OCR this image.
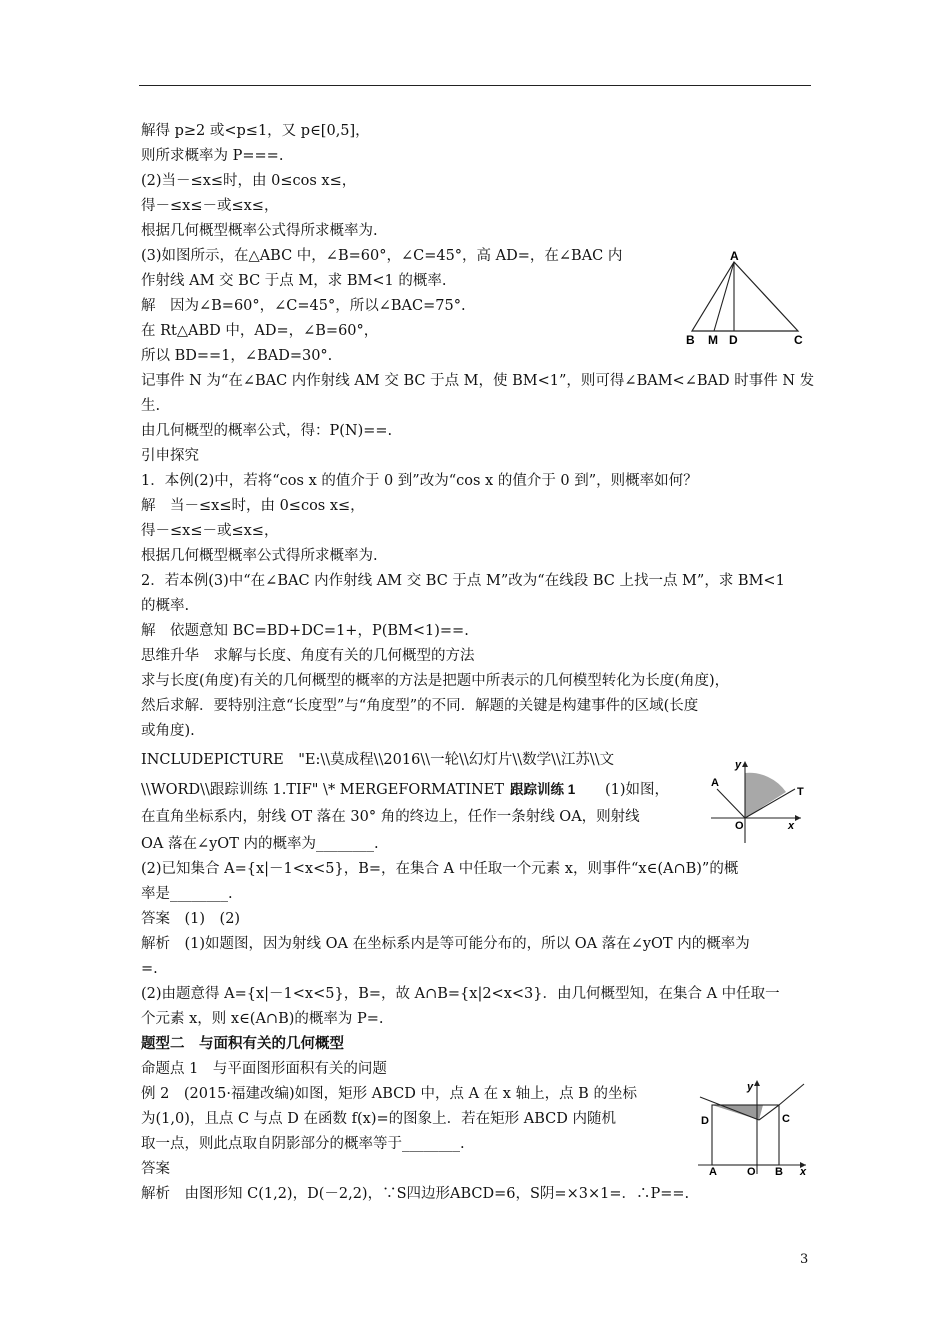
解得 p≥2 或<p≤1，又 p∈[0,5]，
则所求概率为 P===.
(2)当－≤x≤时，由 0≤cos x≤，
得－≤x≤－或≤x≤，
根据几何概型概率公式得所求概率为.
(3)如图所示，在△ABC 中，∠B=60°，∠C=45°，高 AD=，在∠BAC 内
作射线 AM 交 BC 于点 M，求 BM<1 的概率.
解　因为∠B=60°，∠C=45°，所以∠BAC=75°.
在 Rt△ABD 中，AD=，∠B=60°，
所以 BD==1，∠BAD=30°.
记事件 N 为“在∠BAC 内作射线 AM 交 BC 于点 M，使 BM<1”，则可得∠BAM<∠BAD 时事件 N 发
生.
由几何概型的概率公式，得：P(N)==.
引申探究
1．本例(2)中，若将“cos x 的值介于 0 到”改为“cos x 的值介于 0 到”，则概率如何？
解　当－≤x≤时，由 0≤cos x≤，
得－≤x≤－或≤x≤，
根据几何概型概率公式得所求概率为.
2．若本例(3)中“在∠BAC 内作射线 AM 交 BC 于点 M”改为“在线段 BC 上找一点 M”，求 BM<1
的概率.
解　依题意知 BC=BD+DC=1+，P(BM<1)==.
思维升华　求解与长度、角度有关的几何概型的方法
求与长度(角度)有关的几何概型的概率的方法是把题中所表示的几何模型转化为长度(角度)，
然后求解．要特别注意“长度型”与“角度型”的不同．解题的关键是构建事件的区域(长度
或角度).
INCLUDEPICTURE　"E:\\莫成程\\2016\\一轮\\幻灯片\\数学\\江苏\\文
\\WORD\\跟踪训练 1.TIF" \* MERGEFORMATINET 跟踪训练 1 (1)如图，
在直角坐标系内，射线 OT 落在 30° 角的终边上，任作一条射线 OA，则射线
OA 落在∠yOT 内的概率为________.
(2)已知集合 A={x|－1<x<5}，B=，在集合 A 中任取一个元素 x，则事件“x∈(A∩B)”的概
率是________.
答案　(1)　(2)
解析　(1)如题图，因为射线 OA 在坐标系内是等可能分布的，所以 OA 落在∠yOT 内的概率为
=.
(2)由题意得 A={x|－1<x<5}，B=，故 A∩B={x|2<x<3}．由几何概型知，在集合 A 中任取一
个元素 x，则 x∈(A∩B)的概率为 P=.
题型二　与面积有关的几何概型
命题点 1　与平面图形面积有关的问题
例 2　(2015·福建改编)如图，矩形 ABCD 中，点 A 在 x 轴上，点 B 的坐标
为(1,0)，且点 C 与点 D 在函数 f(x)=的图象上．若在矩形 ABCD 内随机
取一点，则此点取自阴影部分的概率等于________.
答案
解析　由图形知 C(1,2)，D(－2,2)，∵S四边形ABCD=6，S阴=×3×1=．∴P==.
A
B M D	C
y
A
T
O	x
y
D	C
A	O B x
3
